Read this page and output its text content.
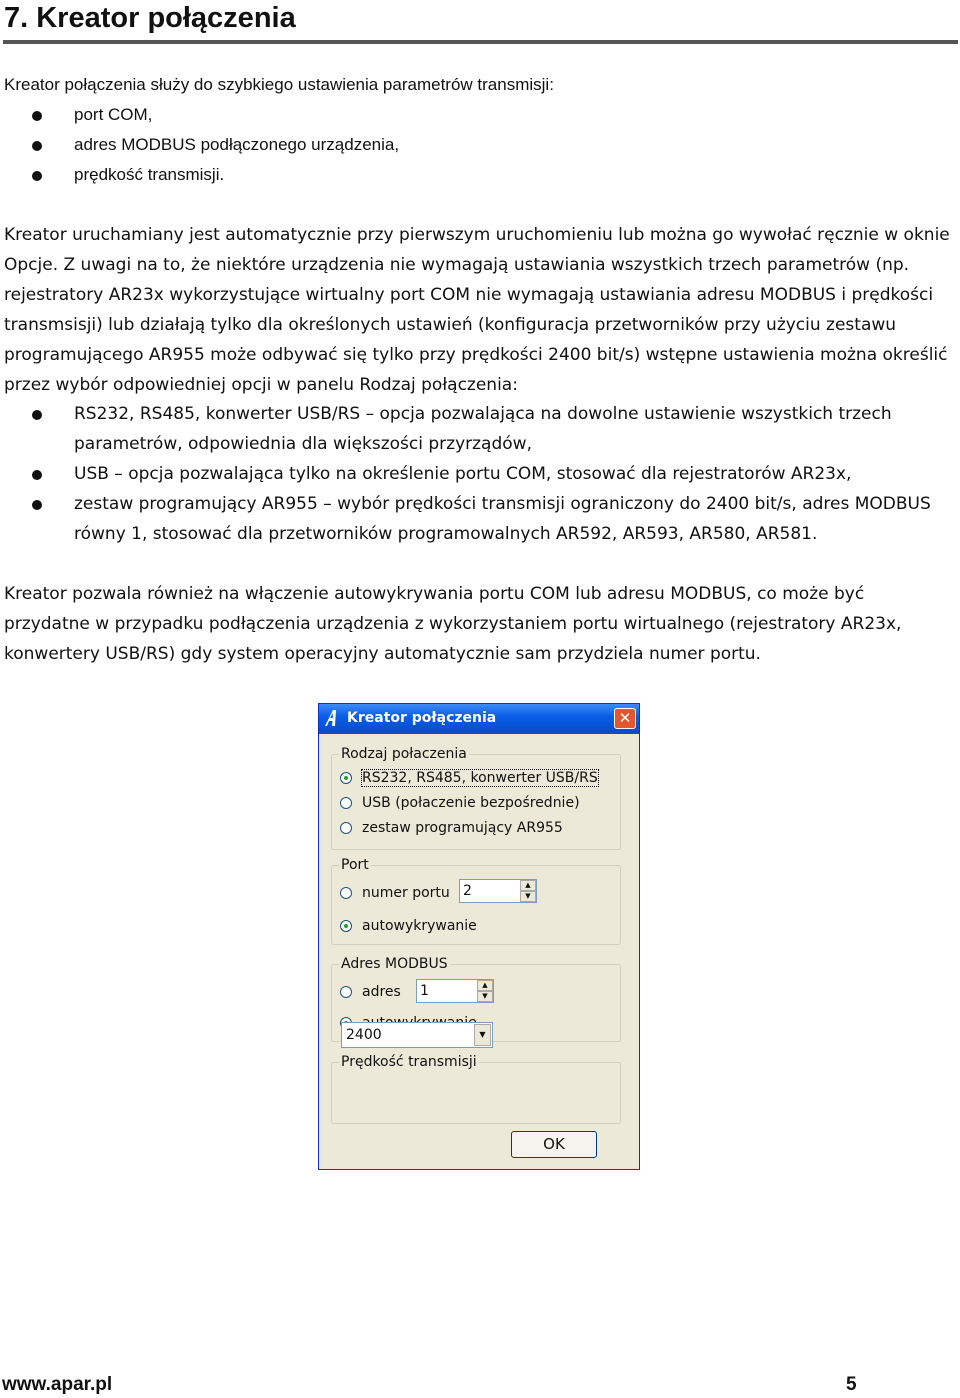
7. Kreator połączenia

Kreator połączenia służy do szybkiego ustawienia parametrów transmisji:

port COM,
adres MODBUS podłączonego urządzenia,
prędkość transmisji.

Kreator uruchamiany jest automatycznie przy pierwszym uruchomieniu lub można go wywołać ręcznie w oknie Opcje. Z uwagi na to, że niektóre urządzenia nie wymagają ustawiania wszystkich trzech parametrów (np. rejestratory AR23x wykorzystujące wirtualny port COM nie wymagają ustawiania adresu MODBUS i prędkości transmsisji) lub działają tylko dla określonych ustawień (konfiguracja przetworników przy użyciu zestawu programującego AR955 może odbywać się tylko przy prędkości 2400 bit/s) wstępne ustawienia można określić przez wybór odpowiedniej opcji w panelu Rodzaj połączenia:

RS232, RS485, konwerter USB/RS – opcja pozwalająca na dowolne ustawienie wszystkich trzech parametrów, odpowiednia dla większości przyrządów,
USB – opcja pozwalająca tylko na określenie portu COM, stosować dla rejestratorów AR23x,
zestaw programujący AR955 – wybór prędkości transmisji ograniczony do 2400 bit/s, adres MODBUS równy 1, stosować dla przetworników programowalnych AR592, AR593, AR580, AR581.

Kreator pozwala również na włączenie autowykrywania portu COM lub adresu MODBUS, co może być przydatne w przypadku podłączenia urządzenia z wykorzystaniem portu wirtualnego (rejestratory AR23x, konwertery USB/RS) gdy system operacyjny automatycznie sam przydziela numer portu.

Kreator połączenia	✕
Rodzaj połaczenia
RS232, RS485, konwerter USB/RS
USB (połaczenie bezpośrednie)
zestaw programujący AR955
Port
numer portu 2	▲
▼
autowykrywanie
Adres MODBUS
adres 1	▲
▼
Prędkość transmisji
2400	▼
OK
www.apar.pl	5
